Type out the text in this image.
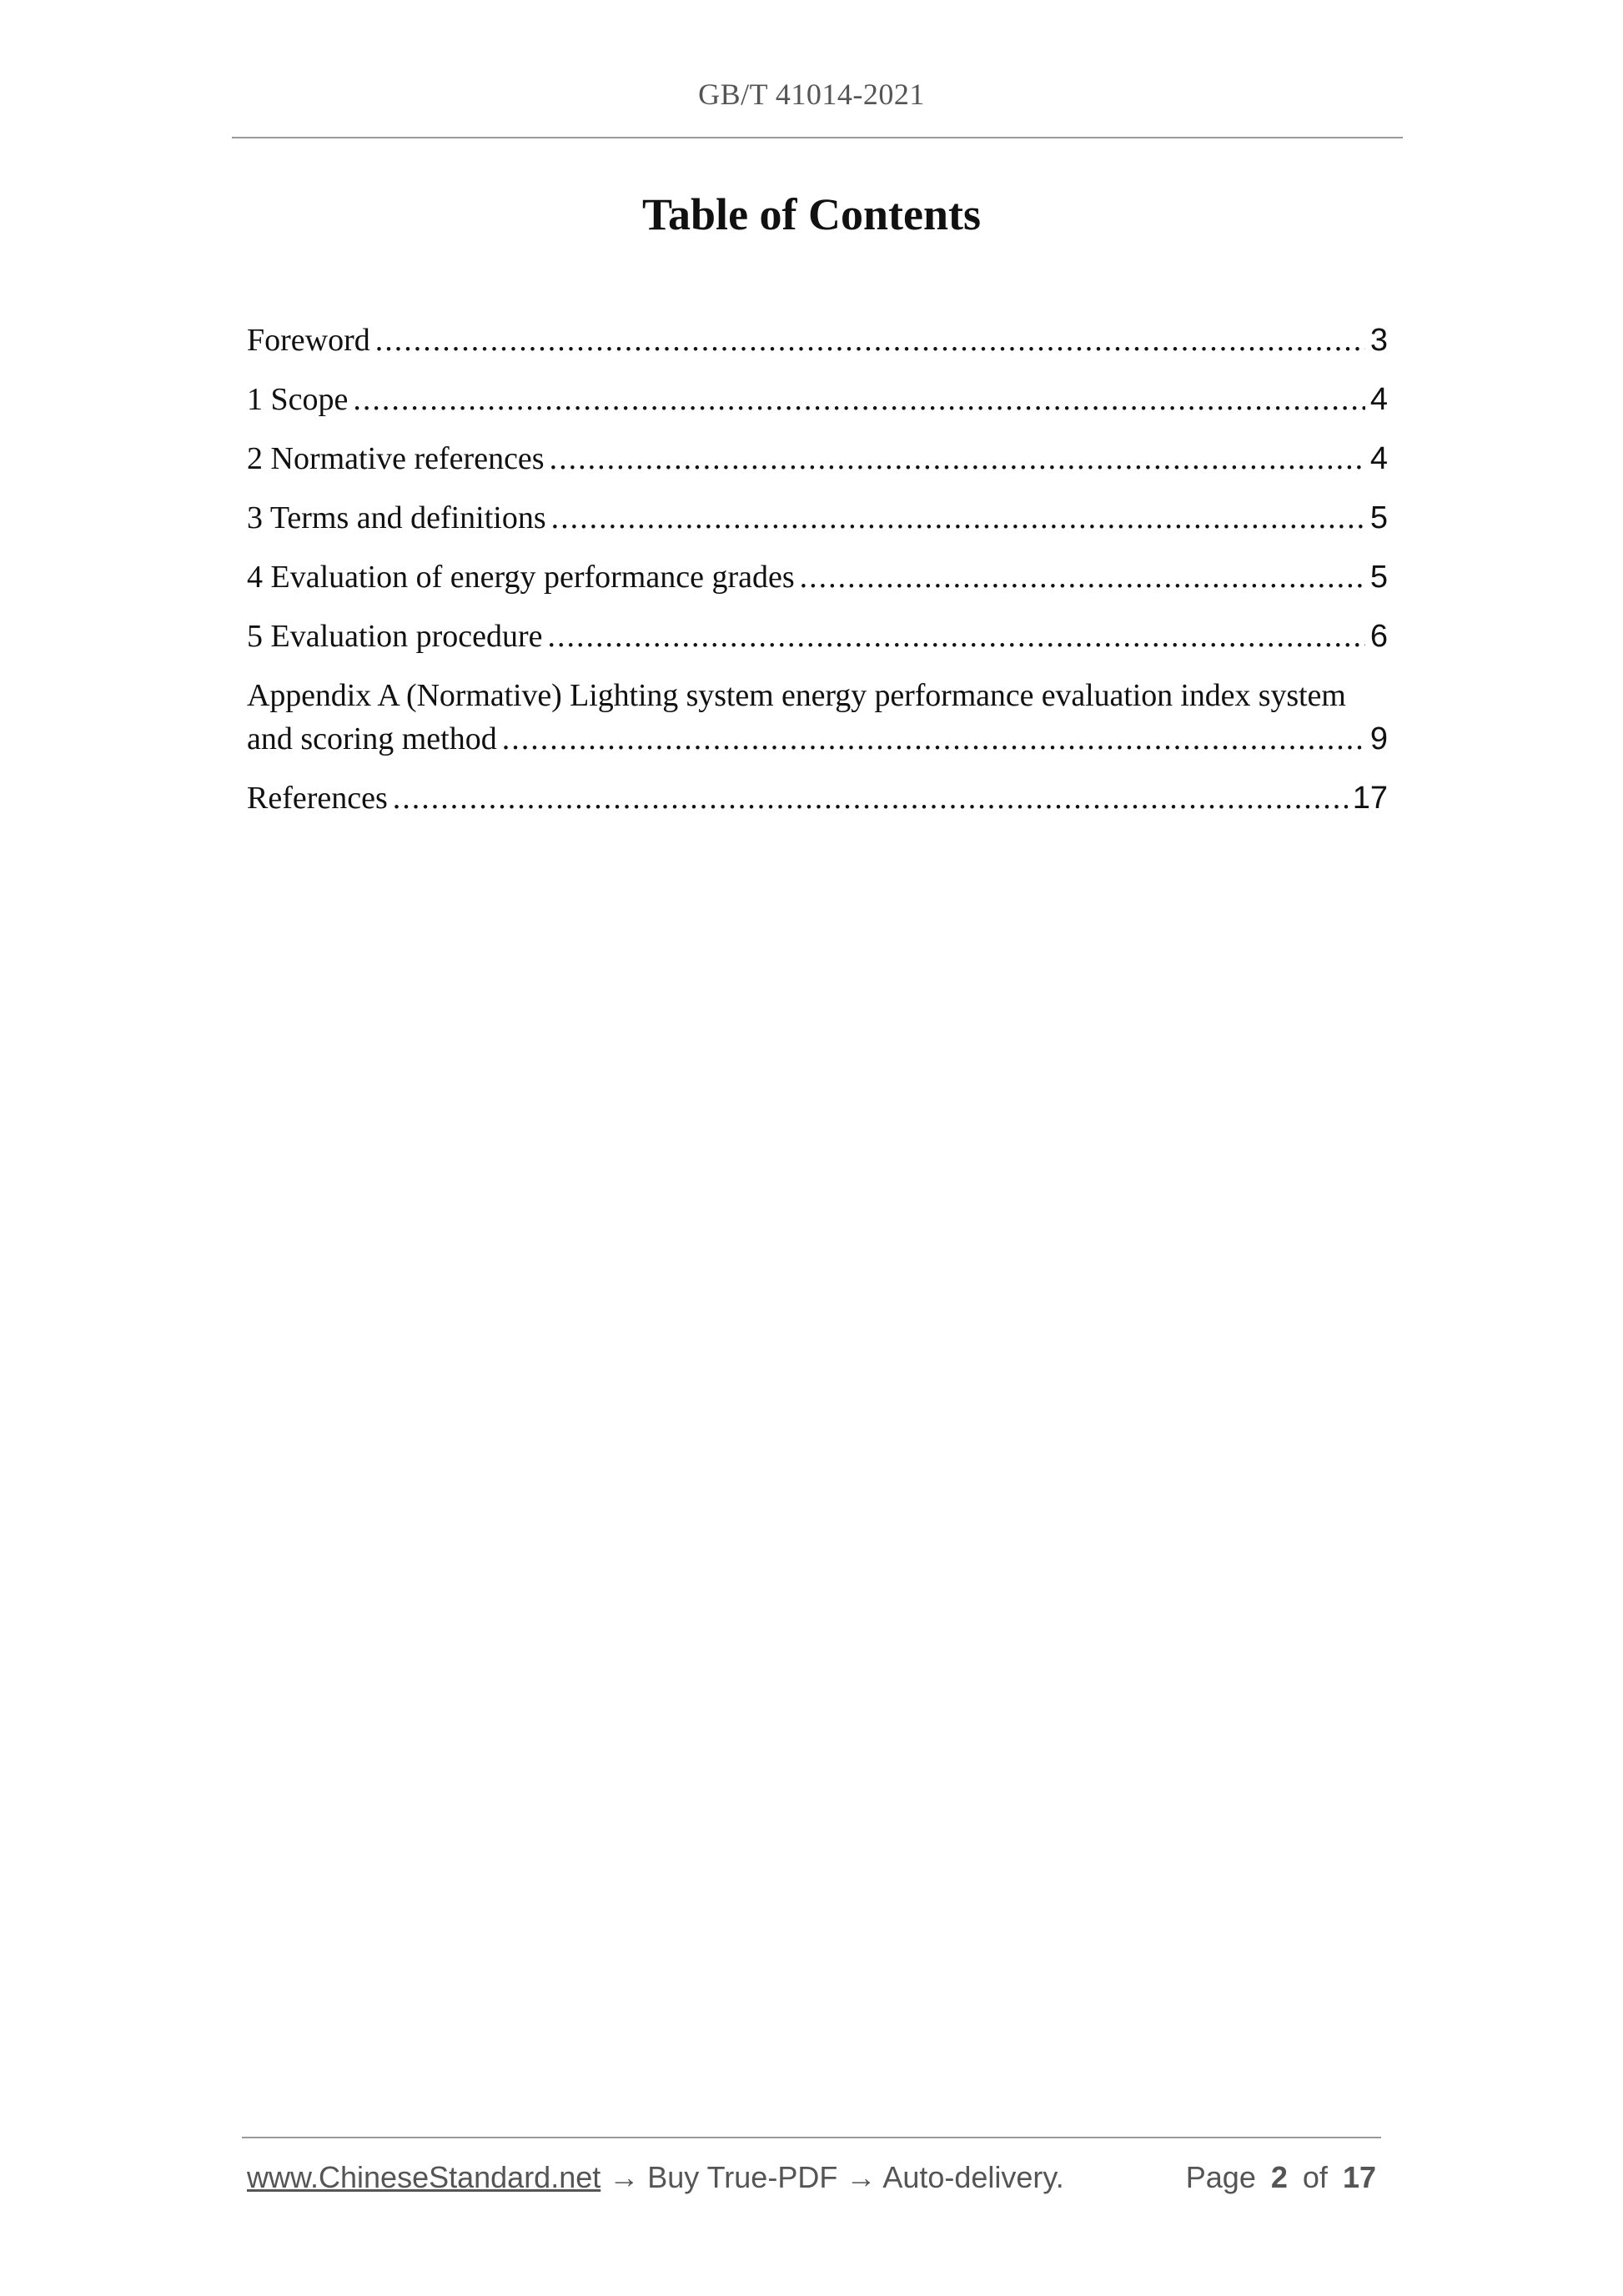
GB/T 41014-2021
Table of Contents
Foreword .....	3
1 Scope .....	4
2 Normative references .....	4
3 Terms and definitions .....	5
4 Evaluation of energy performance grades .....	5
5 Evaluation procedure .....	6
Appendix A (Normative) Lighting system energy performance evaluation index system
and scoring method .....	9
References .....	17
www.ChineseStandard.net → Buy True-PDF → Auto-delivery.	Page 2 of 17
